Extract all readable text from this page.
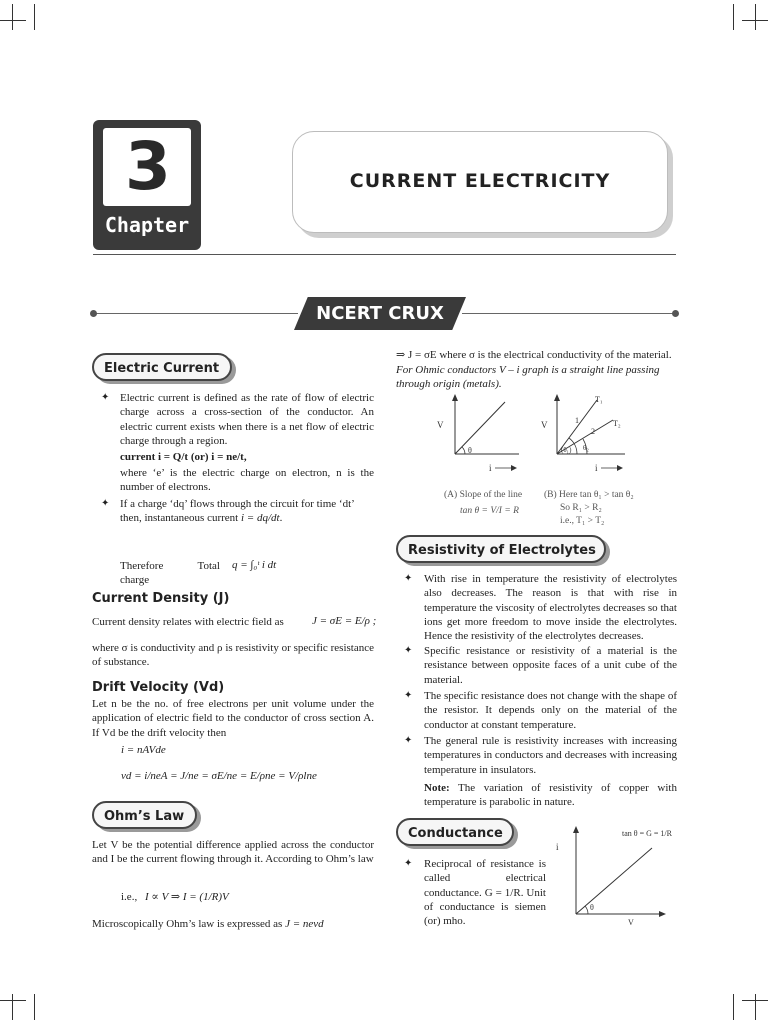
3
Chapter
CURRENT ELECTRICITY
NCERT CRUX
Electric Current
✦ Electric current is defined as the rate of flow of electric charge across a cross-section of the conductor. An electric current exists when there is a net flow of electric charge through a region.
current i = Q/t (or) i = ne/t,
where ‘e’ is the electric charge on electron, n is the number of electrons.
✦ If a charge ‘dq’ flows through the circuit for time ‘dt’ then, instantaneous current i = dq/dt.
Therefore Total charge
q = ∫₀ᵗ i dt
Current Density (J)
Current density relates with electric field as	J = σE = E/ρ ;
where σ is conductivity and ρ is resistivity or specific resistance of substance.
Drift Velocity (Vd)
Let n be the no. of free electrons per unit volume under the application of electric field to the conductor of cross section A. If Vd be the drift velocity then
i = nAVde
vd = i/neA = J/ne = σE/ne = E/ρne = V/ρlne
Ohm’s Law
Let V be the potential difference applied across the conductor and I be the current flowing through it. According to Ohm’s law
i.e., I ∝ V ⇒ I = (1/R)V
Microscopically Ohm’s law is expressed as J = nevd
⇒ J = σE where σ is the electrical conductivity of the material.
For Ohmic conductors V – i graph is a straight line passing through origin (metals).
V
θ
i
V	1
2
T₁
T₂
(θ₁) θ₂
i
(A) Slope of the line
tan θ = V/I = R
(B) Here tan θ₁ > tan θ₂
So R₁ > R₂
i.e., T₁ > T₂
Resistivity of Electrolytes
✦ With rise in temperature the resistivity of electrolytes also decreases. The reason is that with rise in temperature the viscosity of electrolytes decreases so that ions get more freedom to move inside the electrolytes. Hence the resistivity of the electrolytes decreases.
✦ Specific resistance or resistivity of a material is the resistance between opposite faces of a unit cube of the material.
✦ The specific resistance does not change with the shape of the resistor. It depends only on the material of the conductor at constant temperature.
✦ The general rule is resistivity increases with increasing temperatures in conductors and decreases with increasing temperature in insulators.
Note: The variation of resistivity of copper with temperature is parabolic in nature.
Conductance
✦ Reciprocal of resistance is called electrical conductance. G = 1/R. Unit of conductance is siemen (or) mho.
i
θ
V
tan θ = G = 1/R
